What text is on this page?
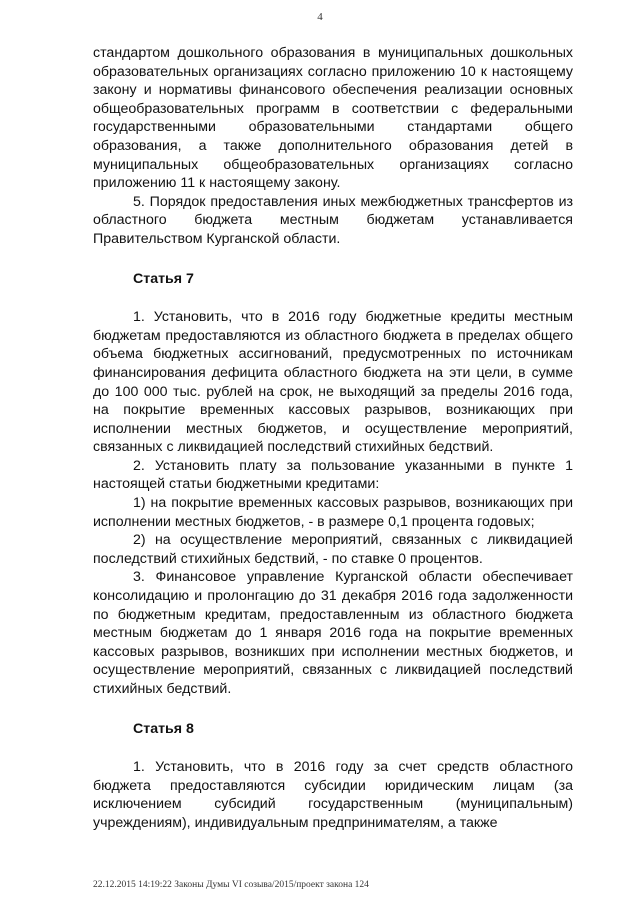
4

стандартом дошкольного образования в муниципальных дошкольных образовательных организациях согласно приложению 10 к настоящему закону и нормативы финансового обеспечения реализации основных общеобразовательных программ в соответствии с федеральными государственными образовательными стандартами общего образования, а также дополнительного образования детей в муниципальных общеобразовательных организациях согласно приложению 11 к настоящему закону.

5. Порядок предоставления иных межбюджетных трансфертов из областного бюджета местным бюджетам устанавливается Правительством Курганской области.

Статья 7

1. Установить, что в 2016 году бюджетные кредиты местным бюджетам предоставляются из областного бюджета в пределах общего объема бюджетных ассигнований, предусмотренных по источникам финансирования дефицита областного бюджета на эти цели, в сумме до 100 000 тыс. рублей на срок, не выходящий за пределы 2016 года, на покрытие временных кассовых разрывов, возникающих при исполнении местных бюджетов, и осуществление мероприятий, связанных с ликвидацией последствий стихийных бедствий.

2. Установить плату за пользование указанными в пункте 1 настоящей статьи бюджетными кредитами:

1) на покрытие временных кассовых разрывов, возникающих при исполнении местных бюджетов, - в размере 0,1 процента годовых;

2) на осуществление мероприятий, связанных с ликвидацией последствий стихийных бедствий, - по ставке 0 процентов.

3. Финансовое управление Курганской области обеспечивает консолидацию и пролонгацию до 31 декабря 2016 года задолженности по бюджетным кредитам, предоставленным из областного бюджета местным бюджетам до 1 января 2016 года на покрытие временных кассовых разрывов, возникших при исполнении местных бюджетов, и осуществление мероприятий, связанных с ликвидацией последствий стихийных бедствий.

Статья 8

1. Установить, что в 2016 году за счет средств областного бюджета предоставляются субсидии юридическим лицам (за исключением субсидий государственным (муниципальным) учреждениям), индивидуальным предпринимателям, а также

22.12.2015 14:19:22 Законы Думы VI созыва/2015/проект закона 124
